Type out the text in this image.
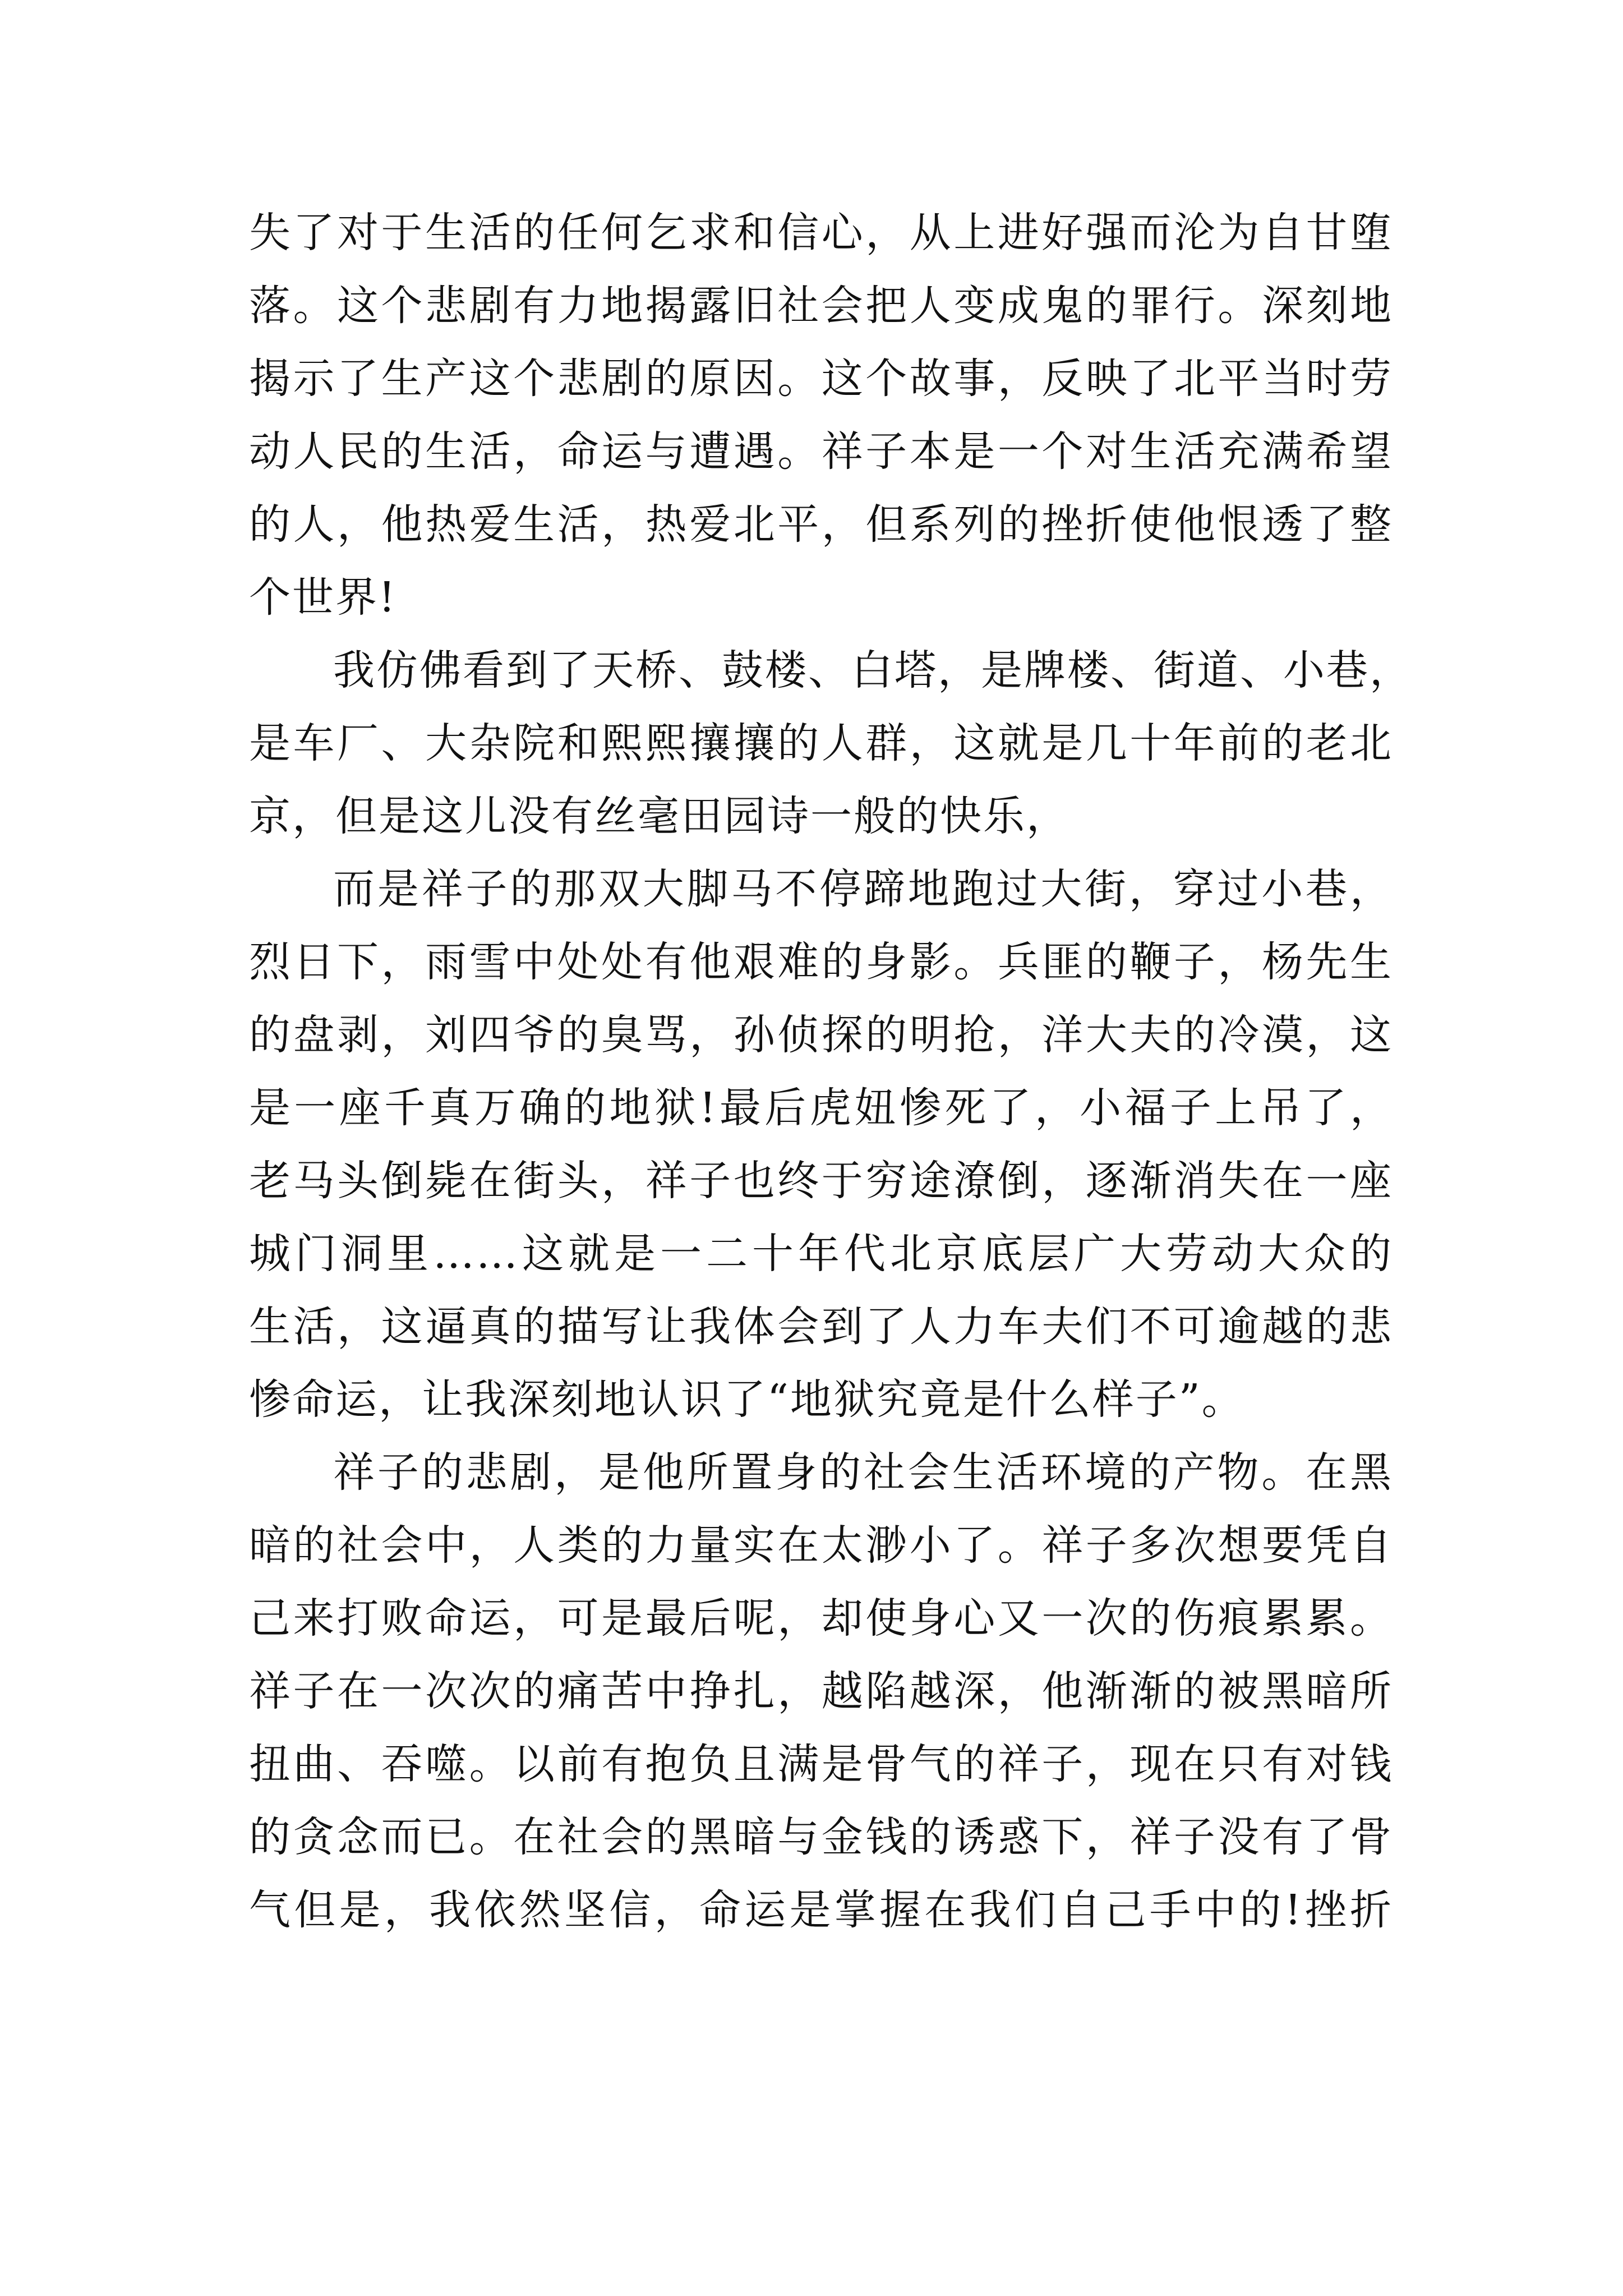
失了对于生活的任何乞求和信心，从上进好强而沦为自甘堕
落。这个悲剧有力地揭露旧社会把人变成鬼的罪行。深刻地
揭示了生产这个悲剧的原因。这个故事，反映了北平当时劳
动人民的生活，命运与遭遇。祥子本是一个对生活充满希望
的人，他热爱生活，热爱北平，但系列的挫折使他恨透了整
个世界!
我仿佛看到了天桥、鼓楼、白塔，是牌楼、街道、小巷，
是车厂、大杂院和熙熙攘攘的人群，这就是几十年前的老北
京，但是这儿没有丝毫田园诗一般的快乐，
而是祥子的那双大脚马不停蹄地跑过大街，穿过小巷，
烈日下，雨雪中处处有他艰难的身影。兵匪的鞭子，杨先生
的盘剥，刘四爷的臭骂，孙侦探的明抢，洋大夫的冷漠，这
是一座千真万确的地狱!最后虎妞惨死了，小福子上吊了，
老马头倒毙在街头，祥子也终于穷途潦倒，逐渐消失在一座
城门洞里……这就是一二十年代北京底层广大劳动大众的
生活，这逼真的描写让我体会到了人力车夫们不可逾越的悲
惨命运，让我深刻地认识了“地狱究竟是什么样子”。
祥子的悲剧，是他所置身的社会生活环境的产物。在黑
暗的社会中，人类的力量实在太渺小了。祥子多次想要凭自
己来打败命运，可是最后呢，却使身心又一次的伤痕累累。
祥子在一次次的痛苦中挣扎，越陷越深，他渐渐的被黑暗所
扭曲、吞噬。以前有抱负且满是骨气的祥子，现在只有对钱
的贪念而已。在社会的黑暗与金钱的诱惑下，祥子没有了骨
气但是，我依然坚信，命运是掌握在我们自己手中的!挫折
